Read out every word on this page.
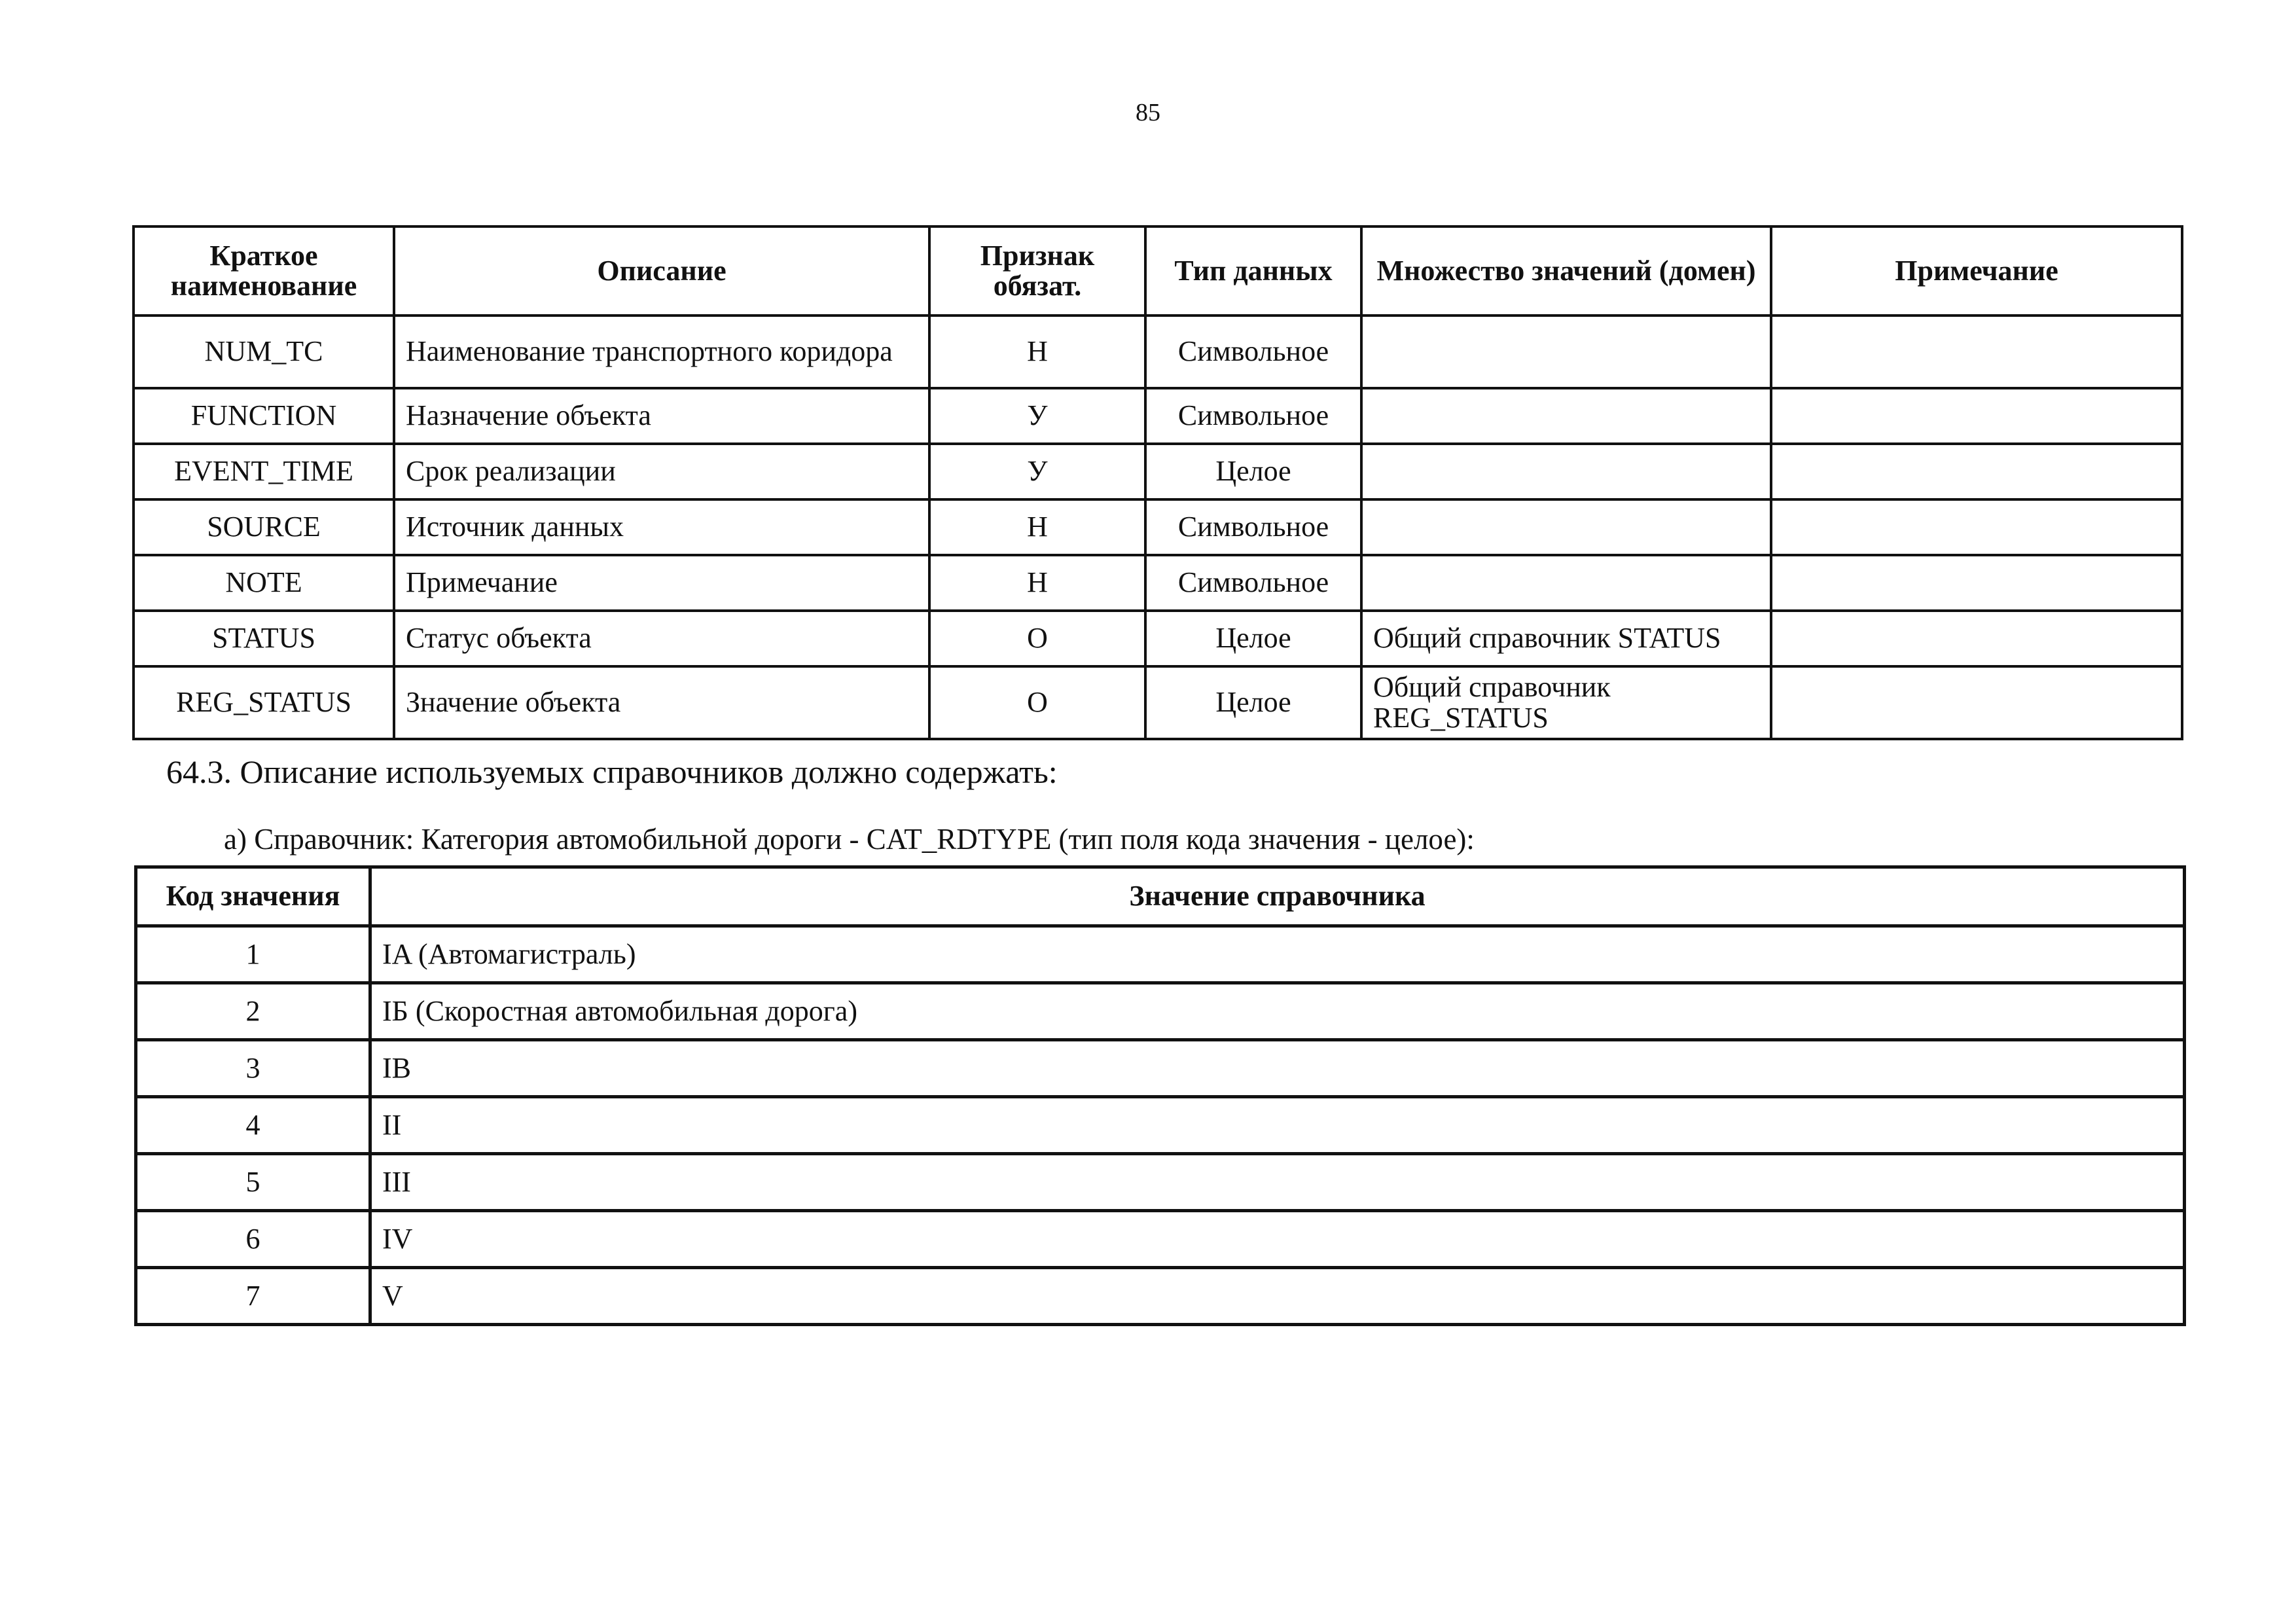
85
Краткое наименование	Описание	Признак обязат.	Тип данных	Множество значений (домен)	Примечание
NUM_TC	Наименование транспортного коридора	Н	Символьное		
FUNCTION	Назначение объекта	У	Символьное		
EVENT_TIME	Срок реализации	У	Целое		
SOURCE	Источник данных	Н	Символьное		
NOTE	Примечание	Н	Символьное		
STATUS	Статус объекта	О	Целое	Общий справочник STATUS	
REG_STATUS	Значение объекта	О	Целое	Общий справочник REG_STATUS	

64.3. Описание используемых справочников должно содержать:

а) Справочник: Категория автомобильной дороги - CAT_RDTYPE (тип поля кода значения - целое):

Код значения	Значение справочника
1	IA (Автомагистраль)
2	IБ (Скоростная автомобильная дорога)
3	IB
4	II
5	III
6	IV
7	V
